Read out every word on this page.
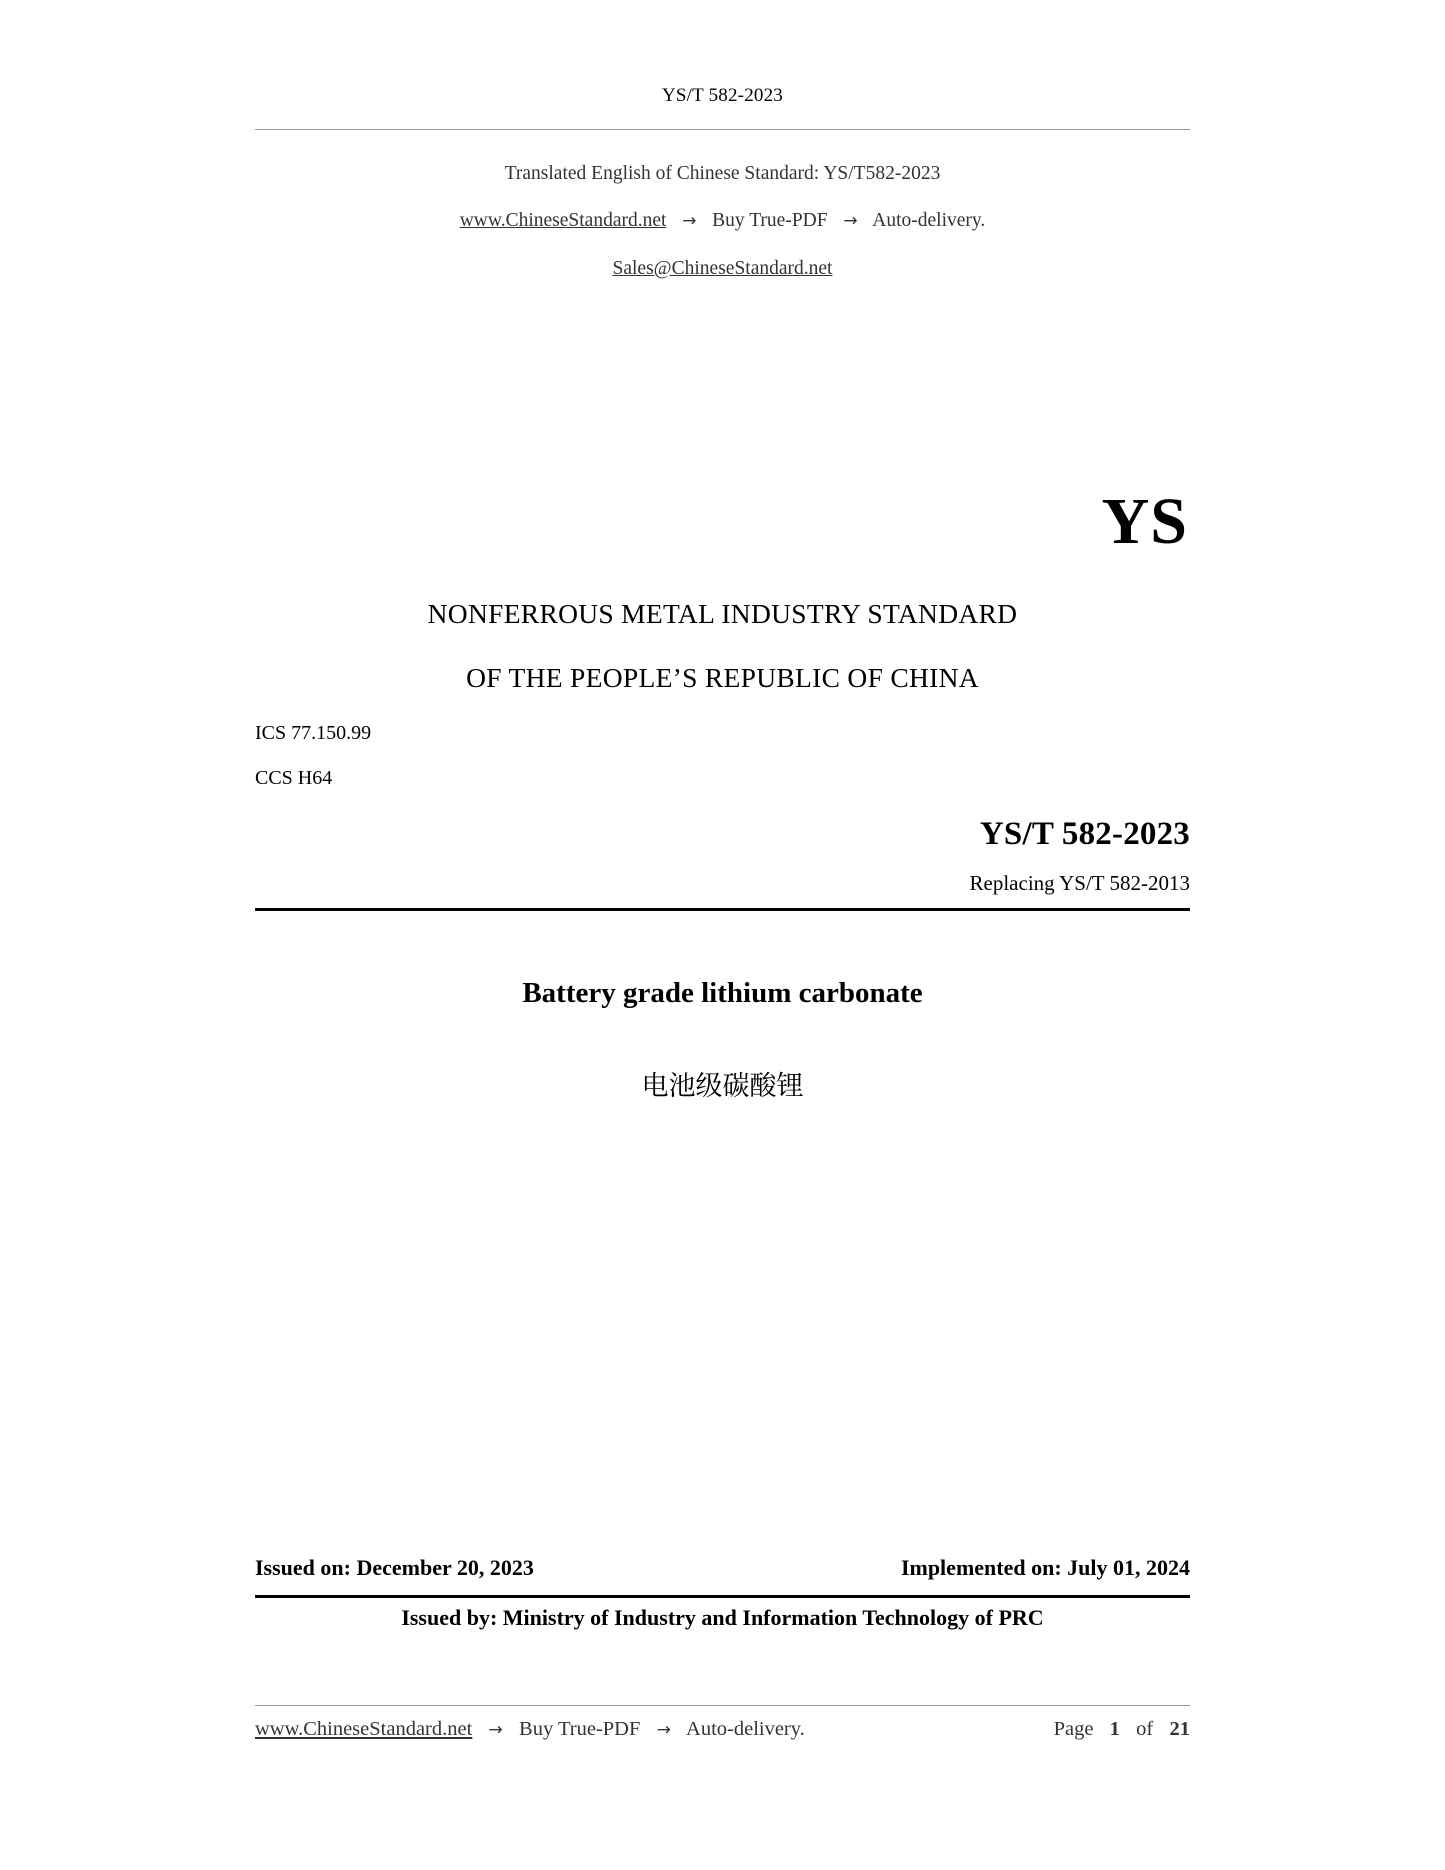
YS/T 582-2023
Translated English of Chinese Standard: YS/T582-2023
www.ChineseStandard.net → Buy True-PDF → Auto-delivery.
Sales@ChineseStandard.net
YS
NONFERROUS METAL INDUSTRY STANDARD
OF THE PEOPLE’S REPUBLIC OF CHINA
ICS 77.150.99
CCS H64
YS/T 582-2023
Replacing YS/T 582-2013
Battery grade lithium carbonate
电池级碳酸锂
Issued on: December 20, 2023	Implemented on: July 01, 2024
Issued by: Ministry of Industry and Information Technology of PRC
www.ChineseStandard.net → Buy True-PDF → Auto-delivery.	Page 1 of 21
